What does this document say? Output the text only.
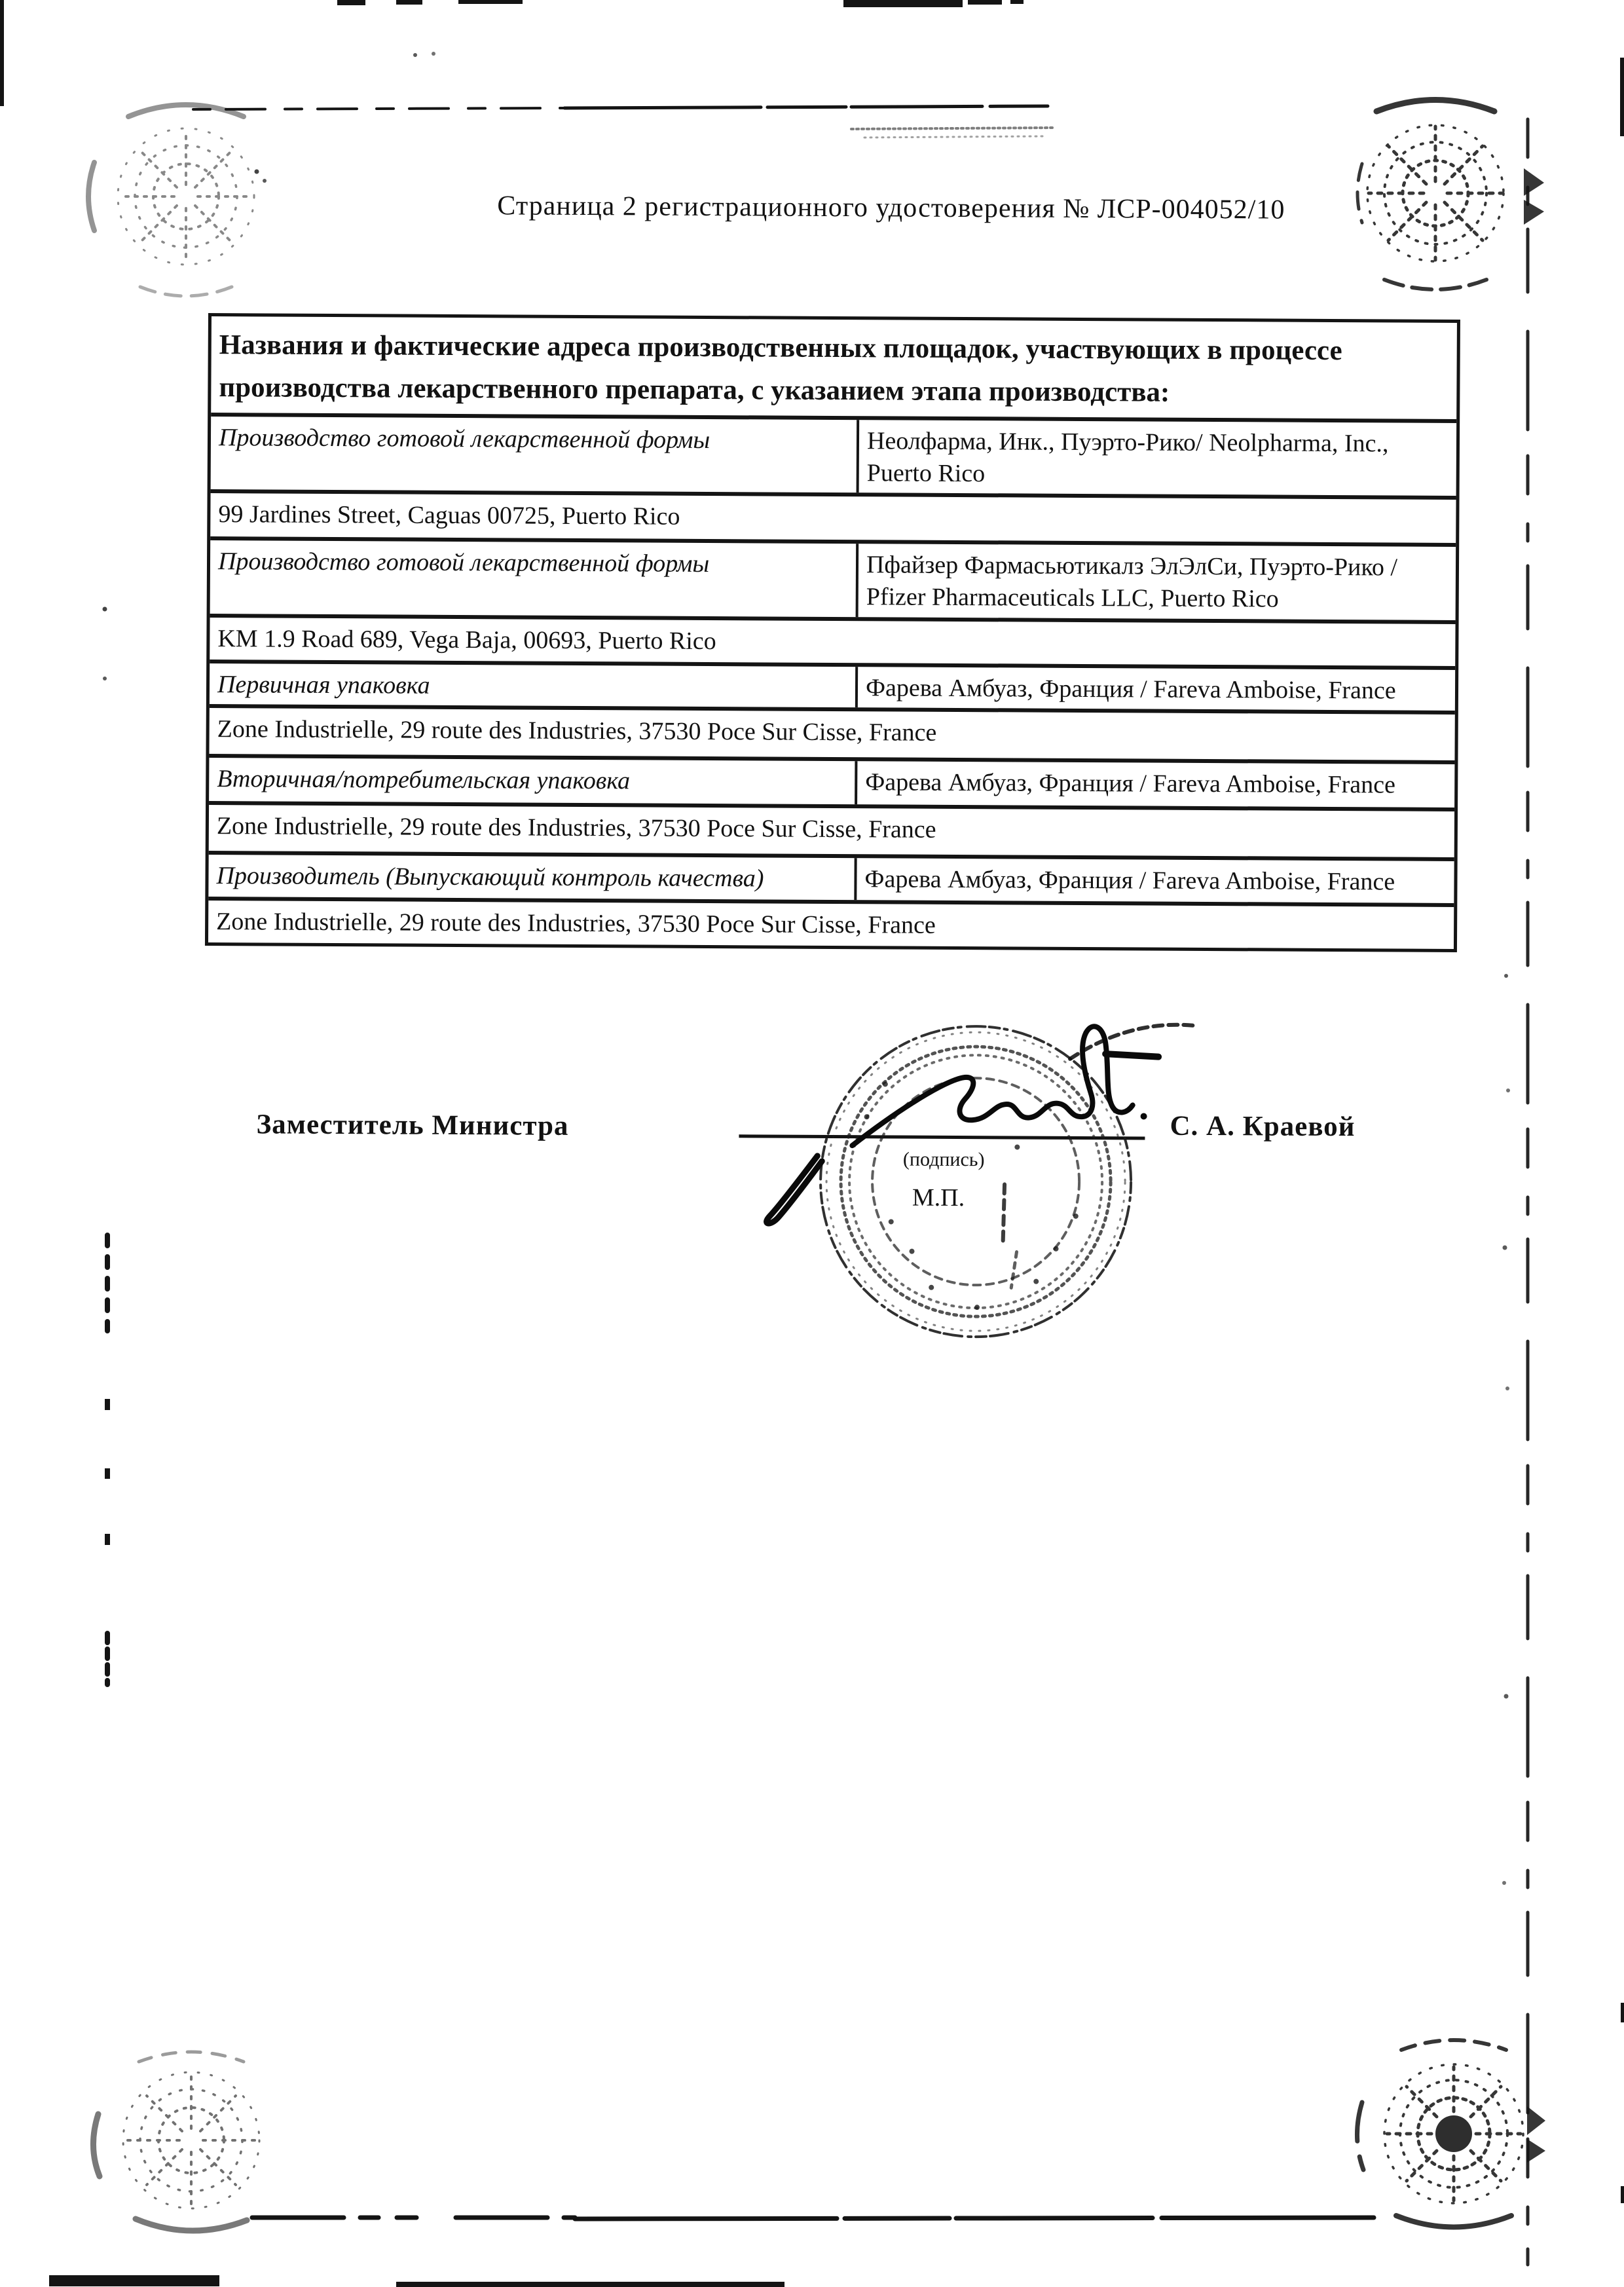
Страница 2 регистрационного удостоверения № ЛСР-004052/10
Названия и фактические адреса производственных площадок, участвующих в процессе производства лекарственного препарата, с указанием этапа производства:
Производство готовой лекарственной формы	Неолфарма, Инк., Пуэрто-Рико/ Neolpharma, Inc., Puerto Rico
99 Jardines Street, Caguas 00725, Puerto Rico
Производство готовой лекарственной формы	Пфайзер Фармасьютикалз ЭлЭлСи, Пуэрто-Рико / Pfizer Pharmaceuticals LLC, Puerto Rico
KM 1.9 Road 689, Vega Baja, 00693, Puerto Rico
Первичная упаковка	Фарева Амбуаз, Франция / Fareva Amboise, France
Zone Industrielle, 29 route des Industries, 37530 Poce Sur Cisse, France
Вторичная/потребительская упаковка	Фарева Амбуаз, Франция / Fareva Amboise, France
Zone Industrielle, 29 route des Industries, 37530 Poce Sur Cisse, France
Производитель (Выпускающий контроль качества)	Фарева Амбуаз, Франция / Fareva Amboise, France
Zone Industrielle, 29 route des Industries, 37530 Poce Sur Cisse, France
Заместитель Министра
(подпись)
М.П.
С. А. Краевой
